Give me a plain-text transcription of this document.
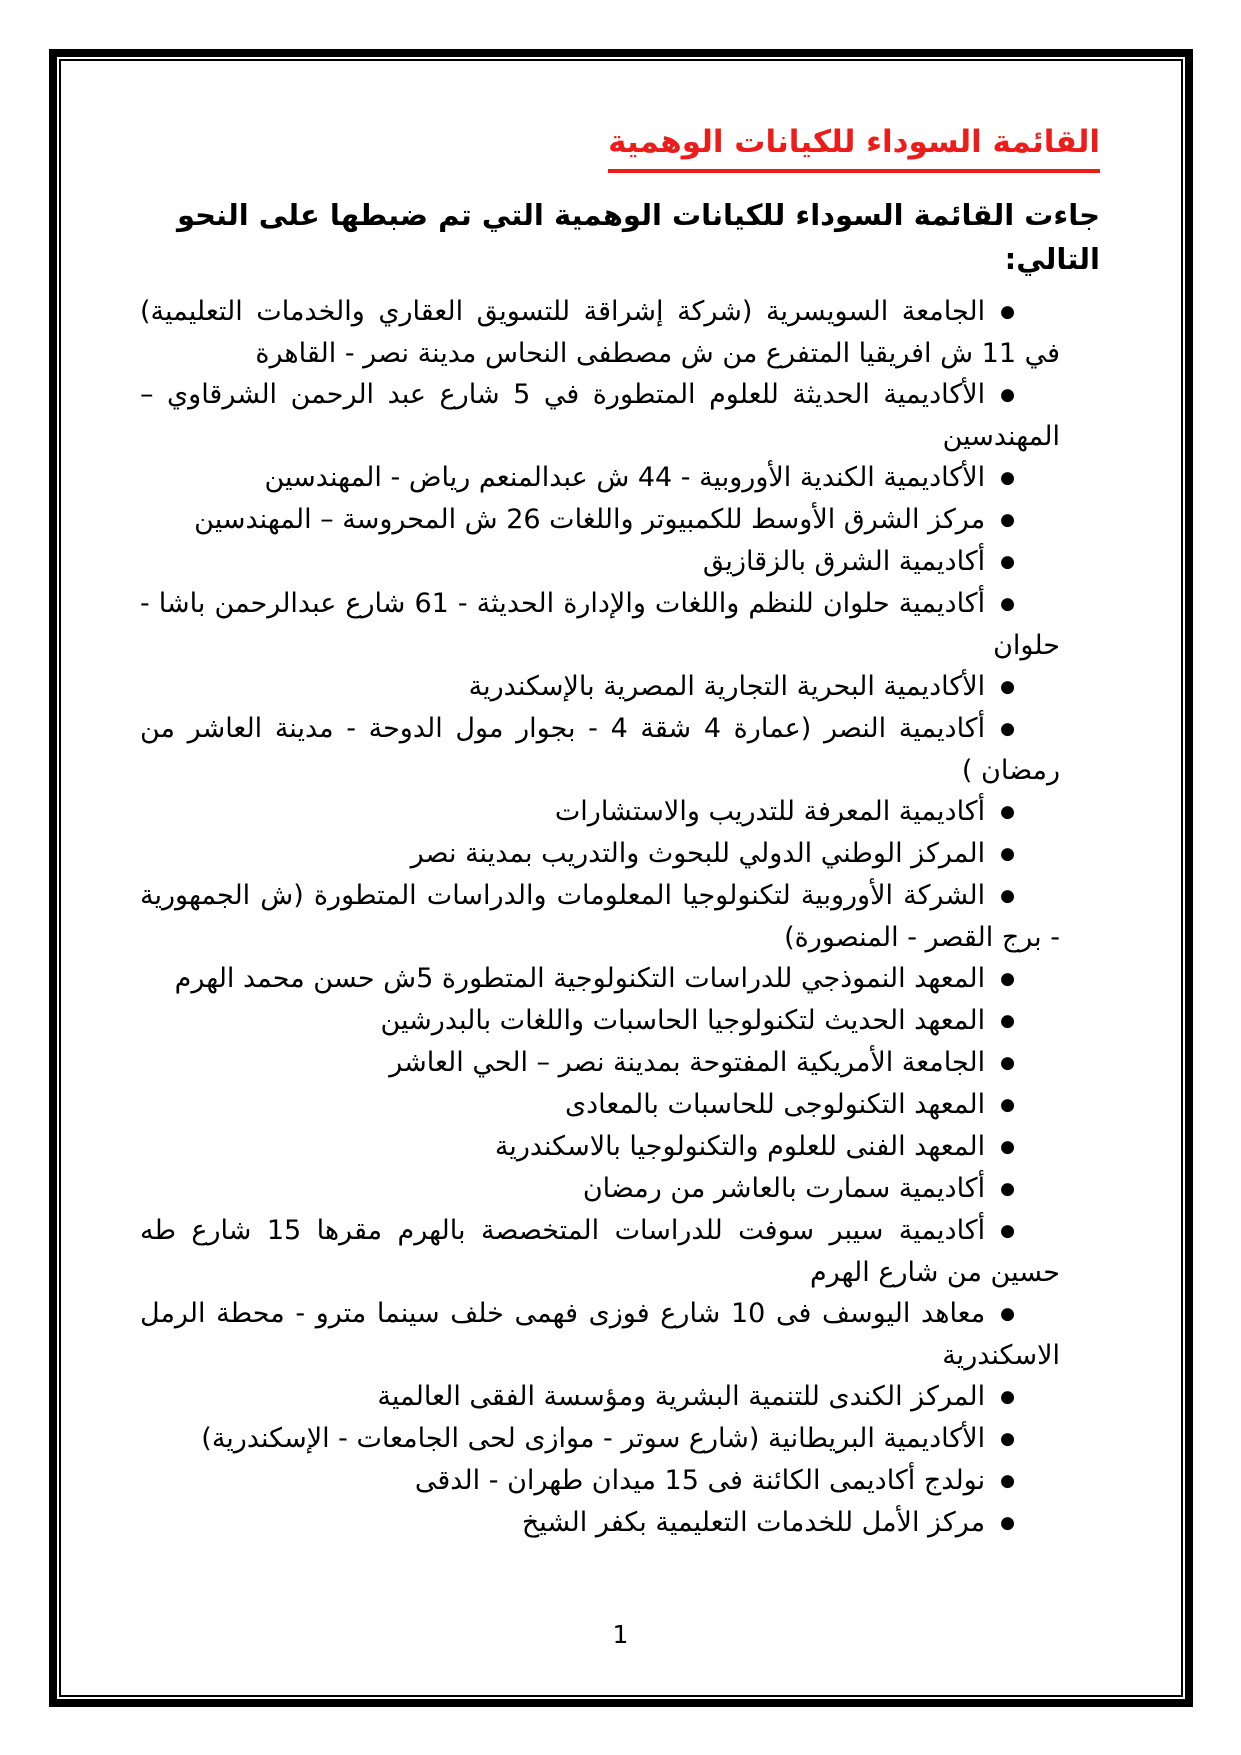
القائمة السوداء للكيانات الوهمية

جاءت القائمة السوداء للكيانات الوهمية التي تم ضبطها على النحو التالي:

●الجامعة السويسرية (شركة إشراقة للتسويق العقاري والخدمات التعليمية) في 11 ش افريقيا المتفرع من ش مصطفى النحاس مدينة نصر - القاهرة
●الأكاديمية الحديثة للعلوم المتطورة في 5 شارع عبد الرحمن الشرقاوي – المهندسين
●الأكاديمية الكندية الأوروبية - 44 ش عبدالمنعم رياض - المهندسين
●مركز الشرق الأوسط للكمبيوتر واللغات 26 ش المحروسة – المهندسين
●أكاديمية الشرق بالزقازيق
●أكاديمية حلوان للنظم واللغات والإدارة الحديثة - 61 شارع عبدالرحمن باشا - حلوان
●الأكاديمية البحرية التجارية المصرية بالإسكندرية
●أكاديمية النصر (عمارة 4 شقة 4 - بجوار مول الدوحة - مدينة العاشر من رمضان )
●أكاديمية المعرفة للتدريب والاستشارات
●المركز الوطني الدولي للبحوث والتدريب بمدينة نصر
●الشركة الأوروبية لتكنولوجيا المعلومات والدراسات المتطورة (ش الجمهورية - برج القصر - المنصورة)
●المعهد النموذجي للدراسات التكنولوجية المتطورة 5ش حسن محمد الهرم
●المعهد الحديث لتكنولوجيا الحاسبات واللغات بالبدرشين
●الجامعة الأمريكية المفتوحة بمدينة نصر – الحي العاشر
●المعهد التكنولوجى للحاسبات بالمعادى
●المعهد الفنى للعلوم والتكنولوجيا بالاسكندرية
●أكاديمية سمارت بالعاشر من رمضان
●أكاديمية سيبر سوفت للدراسات المتخصصة بالهرم مقرها 15 شارع طه حسين من شارع الهرم
●معاهد اليوسف فى 10 شارع فوزى فهمى خلف سينما مترو - محطة الرمل الاسكندرية
●المركز الكندى للتنمية البشرية ومؤسسة الفقى العالمية
●الأكاديمية البريطانية (شارع سوتر - موازى لحى الجامعات - الإسكندرية)
●نولدج أكاديمى الكائنة فى 15 ميدان طهران - الدقى
●مركز الأمل للخدمات التعليمية بكفر الشيخ
1
